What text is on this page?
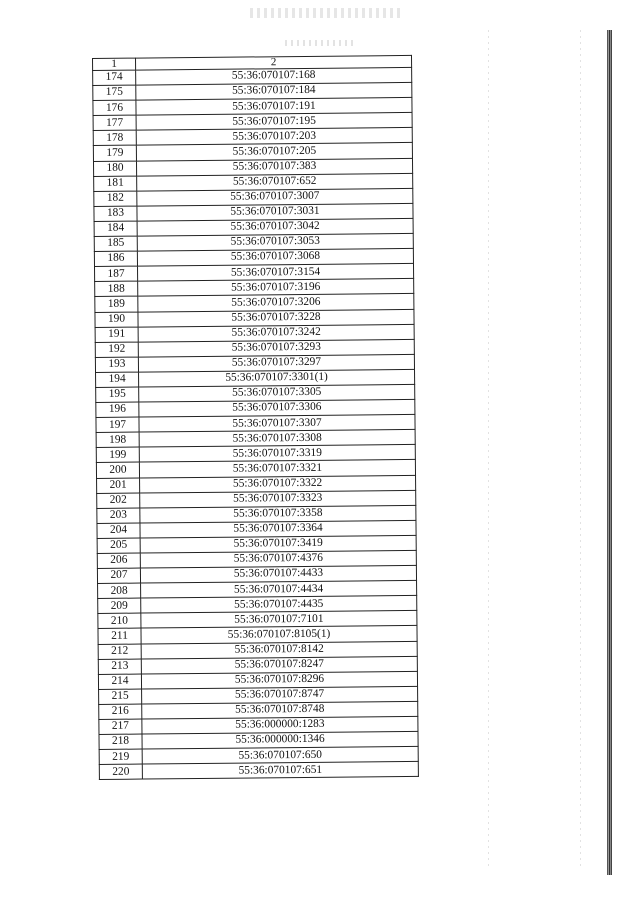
1	2
174	55:36:070107:168
175	55:36:070107:184
176	55:36:070107:191
177	55:36:070107:195
178	55:36:070107:203
179	55:36:070107:205
180	55:36:070107:383
181	55:36:070107:652
182	55:36:070107:3007
183	55:36:070107:3031
184	55:36:070107:3042
185	55:36:070107:3053
186	55:36:070107:3068
187	55:36:070107:3154
188	55:36:070107:3196
189	55:36:070107:3206
190	55:36:070107:3228
191	55:36:070107:3242
192	55:36:070107:3293
193	55:36:070107:3297
194	55:36:070107:3301(1)
195	55:36:070107:3305
196	55:36:070107:3306
197	55:36:070107:3307
198	55:36:070107:3308
199	55:36:070107:3319
200	55:36:070107:3321
201	55:36:070107:3322
202	55:36:070107:3323
203	55:36:070107:3358
204	55:36:070107:3364
205	55:36:070107:3419
206	55:36:070107:4376
207	55:36:070107:4433
208	55:36:070107:4434
209	55:36:070107:4435
210	55:36:070107:7101
211	55:36:070107:8105(1)
212	55:36:070107:8142
213	55:36:070107:8247
214	55:36:070107:8296
215	55:36:070107:8747
216	55:36:070107:8748
217	55:36:000000:1283
218	55:36:000000:1346
219	55:36:070107:650
220	55:36:070107:651
